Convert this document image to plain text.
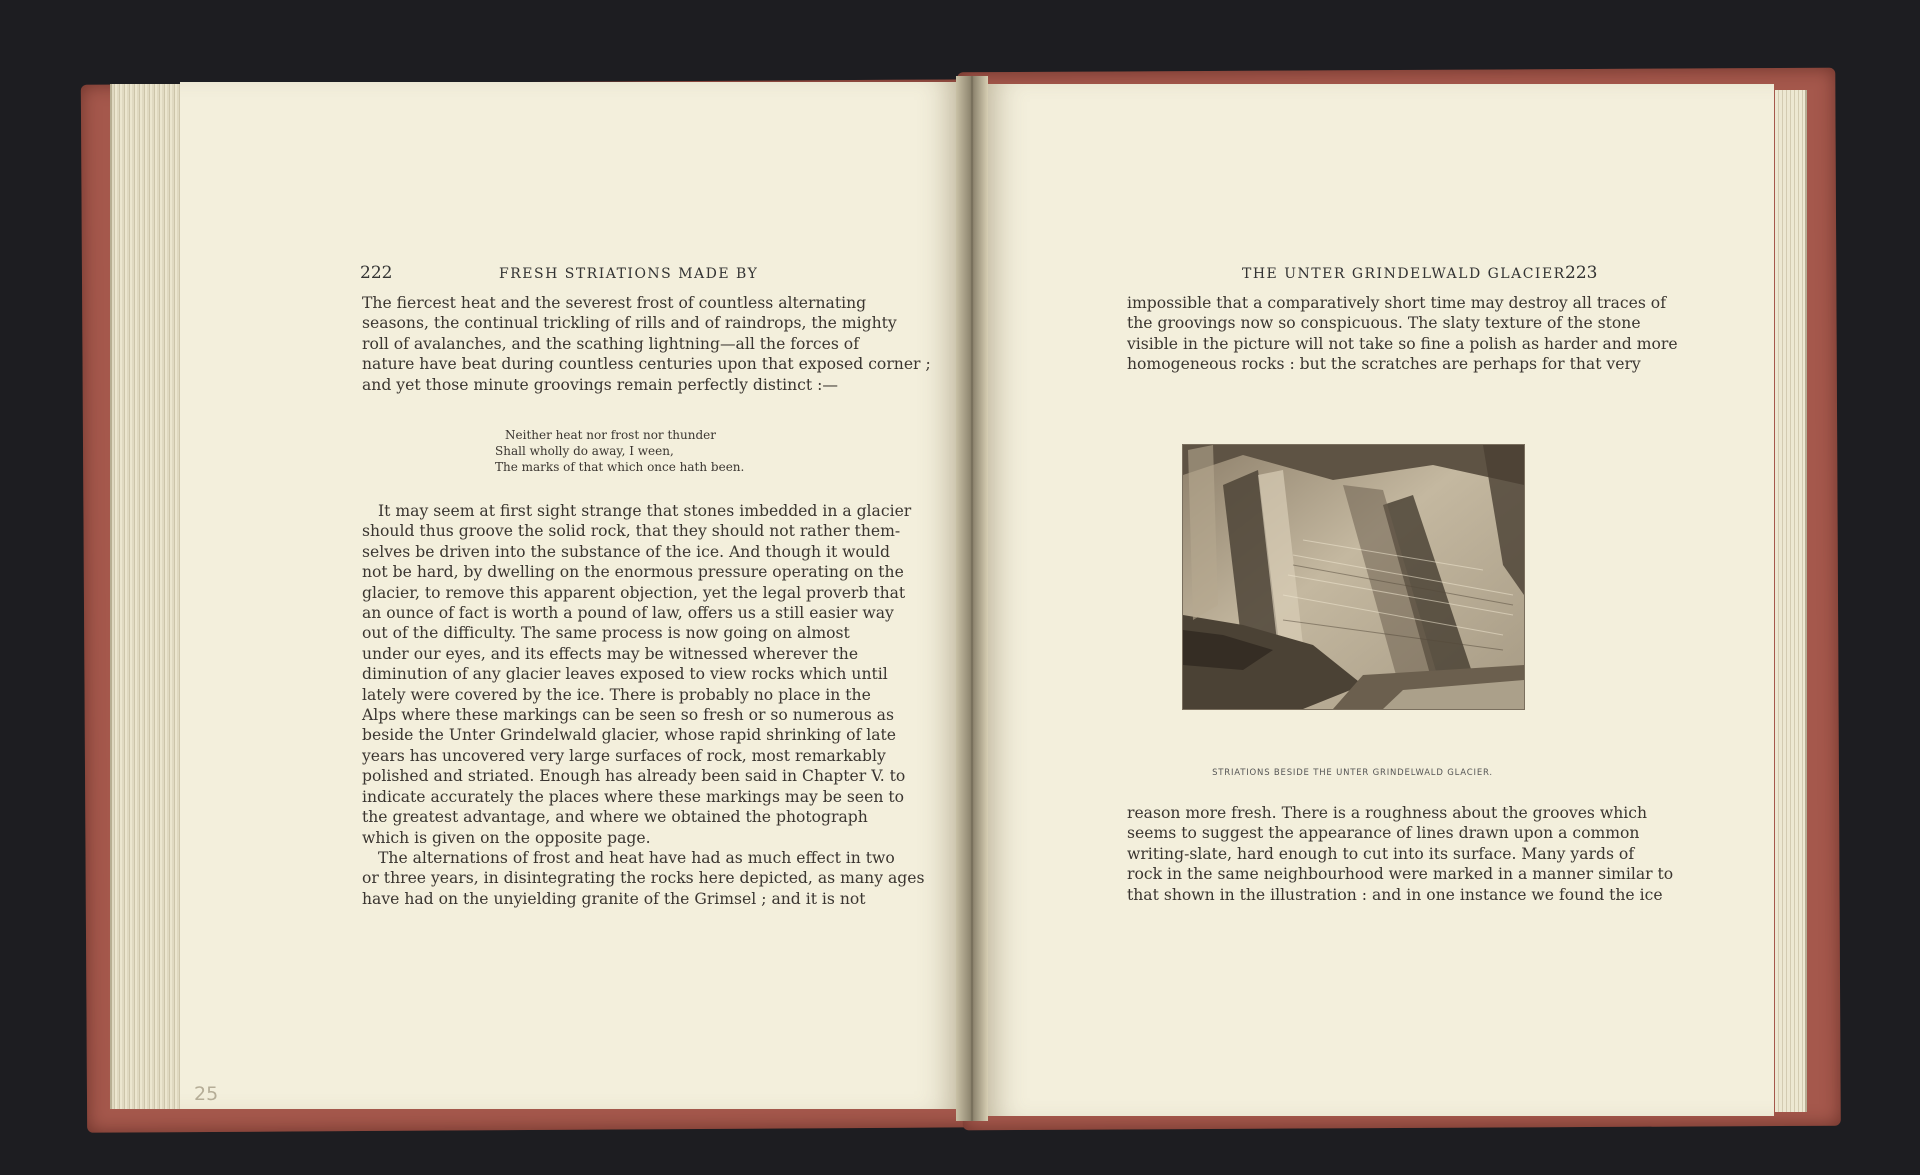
222	FRESH STRIATIONS MADE BY
The fiercest heat and the severest frost of countless alternating
seasons, the continual trickling of rills and of raindrops, the mighty
roll of avalanches, and the scathing lightning—all the forces of
nature have beat during countless centuries upon that exposed corner ;
and yet those minute groovings remain perfectly distinct :—
Neither heat nor frost nor thunder
Shall wholly do away, I ween,
The marks of that which once hath been.
It may seem at first sight strange that stones imbedded in a glacier
should thus groove the solid rock, that they should not rather them-
selves be driven into the substance of the ice. And though it would
not be hard, by dwelling on the enormous pressure operating on the
glacier, to remove this apparent objection, yet the legal proverb that
an ounce of fact is worth a pound of law, offers us a still easier way
out of the difficulty. The same process is now going on almost
under our eyes, and its effects may be witnessed wherever the
diminution of any glacier leaves exposed to view rocks which until
lately were covered by the ice. There is probably no place in the
Alps where these markings can be seen so fresh or so numerous as
beside the Unter Grindelwald glacier, whose rapid shrinking of late
years has uncovered very large surfaces of rock, most remarkably
polished and striated. Enough has already been said in Chapter V. to
indicate accurately the places where these markings may be seen to
the greatest advantage, and where we obtained the photograph
which is given on the opposite page.
The alternations of frost and heat have had as much effect in two
or three years, in disintegrating the rocks here depicted, as many ages
have had on the unyielding granite of the Grimsel ; and it is not
25
THE UNTER GRINDELWALD GLACIER.
223
impossible that a comparatively short time may destroy all traces of
the groovings now so conspicuous. The slaty texture of the stone
visible in the picture will not take so fine a polish as harder and more
homogeneous rocks : but the scratches are perhaps for that very
STRIATIONS BESIDE THE UNTER GRINDELWALD GLACIER.
reason more fresh. There is a roughness about the grooves which
seems to suggest the appearance of lines drawn upon a common
writing-slate, hard enough to cut into its surface. Many yards of
rock in the same neighbourhood were marked in a manner similar to
that shown in the illustration : and in one instance we found the ice
